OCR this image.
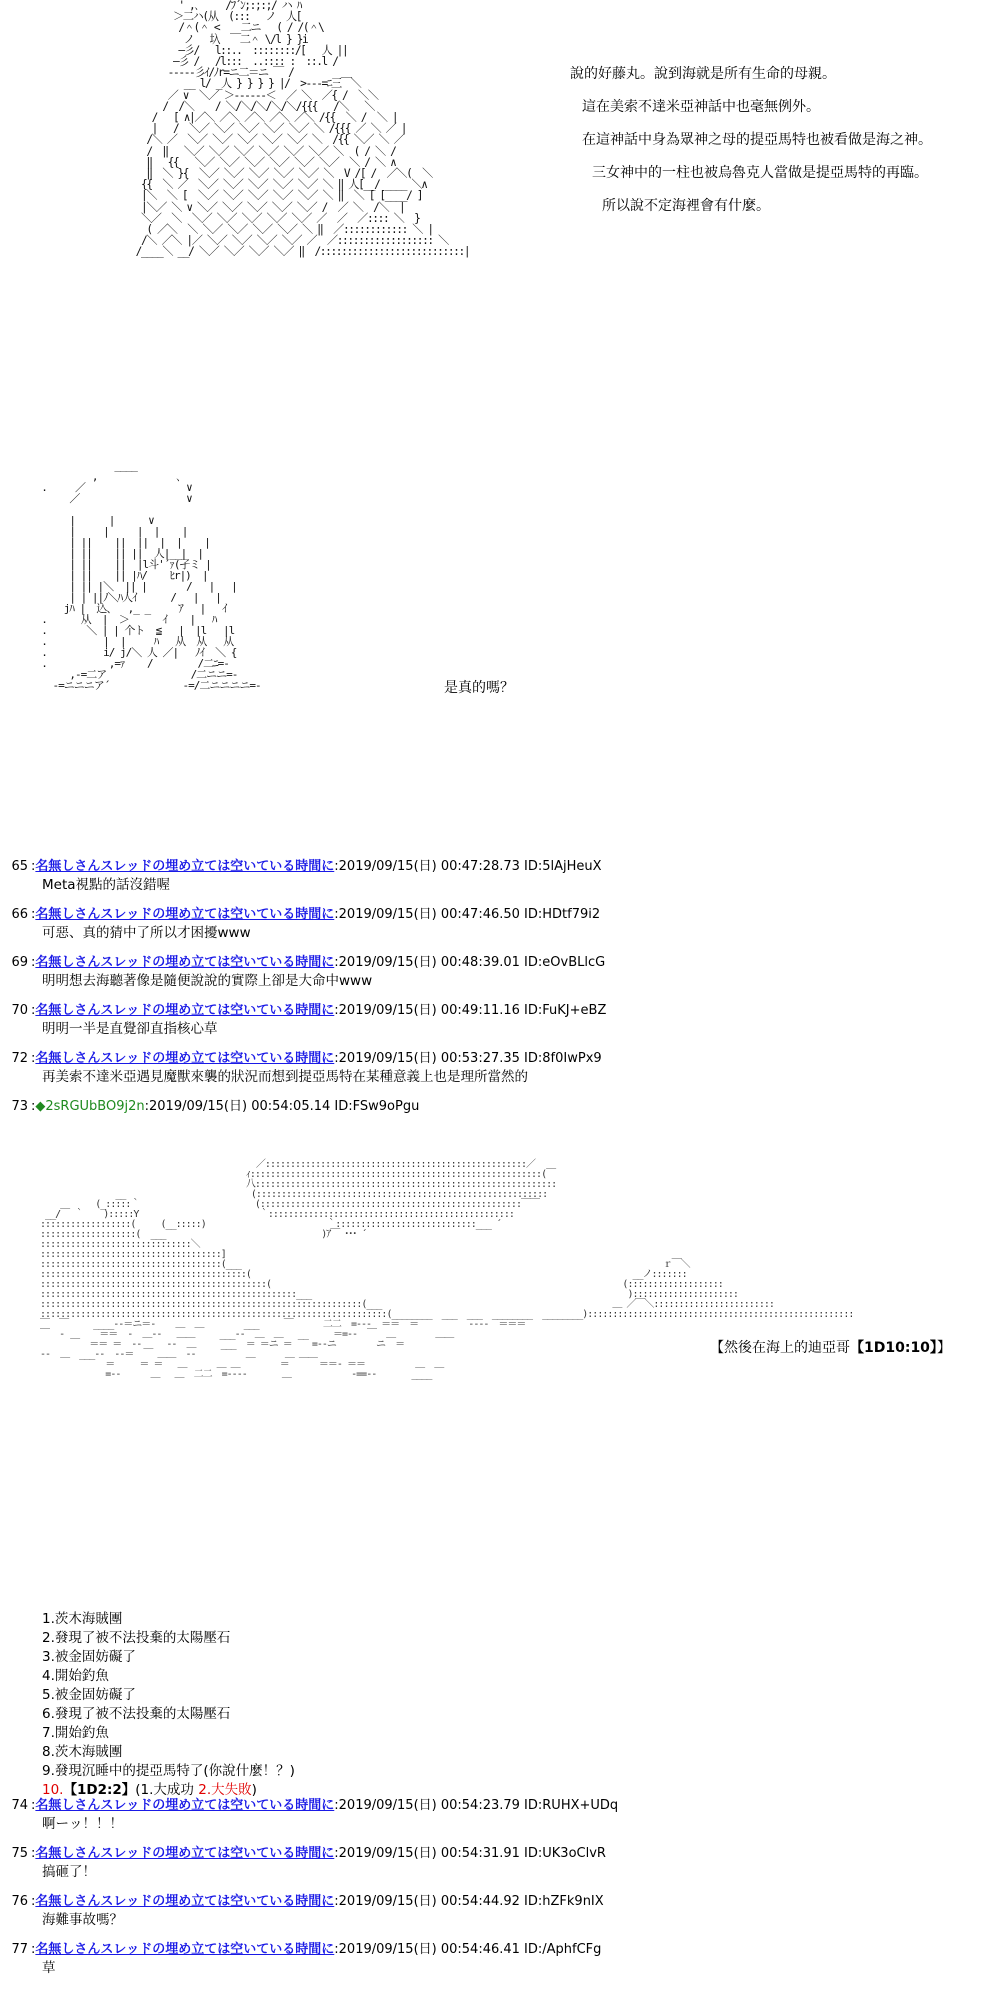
' ,､     /ﾌ´ﾝ;:;:;/ ハ ﾊ
＞二ハ(从  (:::   ノ  人[
/＾(＾ <    二ニ   ( / /(＾\
ノ   圦  ￣二＾ \/l } }i
―彡/   l::..  ::::::::/[   人 ||
―彡 /   /l:::  ..:::: :  ::.l /
-----彡ｲ/ﾉr=ニ二＝ニ ￣ /
__ l/ _人 } } } } |/  >---=ﾆ三￣＼
／ ∨  ＼／ ＞------＜  ／ ＼  ／{ /  ＼＼
/  /＼    / ＼/＼/＼/＼/＼/{{{   /＼   ＼
/   [ ∧|／＼ ／＼ ／＼ ／＼ ／＼ /{{  ＼ /  ＼ |
|   /  ＼／ ＼／ ＼／ ＼／ ＼／ ＼ /{{{ ／ ＼ ／ |
/＼ ／  ＼／ ＼／ ＼／ ＼／ ＼／ ＼  /{{ ＼／ ＼ ／
/  ‖   ＼／ ＼／ ＼／ ＼／ ＼／ ＼／ ＼  ( / ＼ /
‖   {{   ＼／ ＼／ ＼／ ＼／ ＼／ ＼／  ＼ / ＼ ∧
‖  ＼ }{  ＼／ ＼／ ＼／ ＼／ ＼／ ＼  V /[ /  ／＼(  ＼
{{  ＼ ／  ＼／ ＼／ ＼／ ＼／ ＼／ ＼ ‖ 人[__/ ____ ＼∧
|＼  ＼ [  ＼／ ＼／ ＼／ ＼／ ＼／ ＼ ‖  ＼ [ [____/ ]
|＼／ ＼ ∨ ＼／ ＼／ ＼／ ＼／ ＼／ /  ／ ＼  /＼  |
＼／  ＼  ＼／ ＼／ ＼／ ＼／ ＼／ ／  ／  ／:::: ＼  }
( ／＼  ＼ ＼／ ＼／ ＼／ ＼／ ＼ ‖  ／:::::::::::: ＼ |
/＼ ／＼ |／ ＼／ ＼／ ＼／ ＼／ ／  ／:::::::::::::::::: ＼
/____＼ __/ ＼／ ＼／ ＼／ ＼／ ‖  /:::::::::::::::::::::::::::|

說的好藤丸。說到海就是所有生命的母親。
這在美索不達米亞神話中也毫無例外。
在這神話中身為眾神之母的提亞馬特也被看做是海之神。
三女神中的一柱也被烏魯克人當做是提亞馬特的再臨。
所以說不定海裡會有什麼。
____
,              ､
.     ／                  ∨
／                   ∨

|      |      ∨
|     |     |  |    |
| ||    ||  ||  |  |    |
| ||    || ||  人|__|  |
| ||    ||  |l斗'´ｧ(孑ミ |
| ||    || |ﾊ/    ﾋr|)  |
| || |＼  || |       /   |   |
| | ||ﾉ＼ﾊ人ｲ      /   |   |
jﾊ |  込、  ,_ _     ｱ   |   ｲ
.      从  |  ＞      ｲ    |   ﾊ
.       ＼ | | 个ト  ≦   |  |l   |l
.          |  |     ﾊ   从  从   从
.          i/ j/＼ 人 ／|   ﾉｲ  ＼ {
.           ,=ｧ    /        /二ﾆ=-
,-=二ア               /二ニニ=-
-=ニニニア´             -=/二ニニニニ=-	是真的嗎？
65 :名無しさんスレッドの埋め立ては空いている時間に:2019/09/15(日) 00:47:28.73 ID:5lAjHeuX
Meta視點的話沒錯喔
66 :名無しさんスレッドの埋め立ては空いている時間に:2019/09/15(日) 00:47:46.50 ID:HDtf79i2
可惡、真的猜中了所以才困擾www
69 :名無しさんスレッドの埋め立ては空いている時間に:2019/09/15(日) 00:48:39.01 ID:eOvBLlcG
明明想去海聽著像是隨便說說的實際上卻是大命中www
70 :名無しさんスレッドの埋め立ては空いている時間に:2019/09/15(日) 00:49:11.16 ID:FuKJ+eBZ
明明一半是直覺卻直指核心草
72 :名無しさんスレッドの埋め立ては空いている時間に:2019/09/15(日) 00:53:27.35 ID:8f0IwPx9
再美索不達米亞遇見魔獸來襲的狀況而想到提亞馬特在某種意義上也是理所當然的
73 :◆2sRGUbBO9j2n:2019/09/15(日) 00:54:05.14 ID:FSw9oPgu
／::::::::::::::::::::::::::::::::::::::::::::::::::::／
ｨ::::::::::::::::::::::::::::::::::::::::::::::::::::::::::(￣
八::::::::::::::::::::::::::::::::::::::::::::::::::::::::::::
__                         (::::::::::::::::::::::::::::::::::::::::::::::::::::::::::
(_:::::｀                       (::::::::::::::::::::::::::::::::::::::::::::::::::::￣￣
__/￣ ｀    ):::::Y                        ｀:::::::::::::::::::::::::::::::::::::::::::::::::
::::::::::::::::::(     (__:::::)                        ｀::::::::::::::::::::::::::::___ ´
:::::::::::::::::::(  ___                               )ｱ￣ ･･･ ´
::::::::::::::::::::::::::::::＼
::::::::::::::::::::::::::::::::::::]
::::::::::::::::::::::::::::::::::::(___                                                                                    ｒ￣＼
:::::::::::::::::::::::::::::::::::::::::(                                                                            __ノ:::::::
:::::::::::::::::::::::::::::::::::::::::::::(                                                                      (:::::::::::::::::::
:::::::::::::::::::::::::::::::::::::::::::::::::::___                                                               ):::::::::::::::::::::
::::::::::::::::::::::::::::::::::::::::::::::::::::::::::::::::(___                                              ＿ ／￣＼::::::::::::::::::::::::
:::::::::::::::::::::::::::::::::::::::::::::::::::::::::::::::::::::(________  ___  ___  ________  ________):::::::::::::::::::::::::::::::::::::::::::::::::::::
￣  ￣     ____--＝ニ＝-    ＿  ＿        ___     ￣      二二  =---  ＝＝  ＝          ----  ＝＝＝
￣  -       ＝＝  -  ＿--   ＿＿     ___--  ＿  ＿   __     ＝=--  ￣  ＿        ＿＿
￣  ＝＝ ＝  --     --  ＿     ___  ＝ ＝ニ ＝    =--ニ        ニ  ＝
--  ＿  ___--  --＝  ￣ ＿＿  --          ＿      ＿ ＿＿
＝     ＝ ＝   ＿      ＿ ＿        ＝      ＝＝- ＝＝          ＿  ＿
=--      ＿   ＿  二二  =----       ＿            -==--       ____

【然後在海上的迪亞哥【1D10:10】】
1.茨木海賊團
2.發現了被不法投棄的太陽壓石
3.被金固妨礙了
4.開始釣魚
5.被金固妨礙了
6.發現了被不法投棄的太陽壓石
7.開始釣魚
8.茨木海賊團
9.發現沉睡中的提亞馬特了(你說什麼！？)
10.【1D2:2】(1.大成功 2.大失敗)
74 :名無しさんスレッドの埋め立ては空いている時間に:2019/09/15(日) 00:54:23.79 ID:RUHX+UDq
啊ーッ！！！
75 :名無しさんスレッドの埋め立ては空いている時間に:2019/09/15(日) 00:54:31.91 ID:UK3oClvR
搞砸了！
76 :名無しさんスレッドの埋め立ては空いている時間に:2019/09/15(日) 00:54:44.92 ID:hZFk9nIX
海難事故嗎？
77 :名無しさんスレッドの埋め立ては空いている時間に:2019/09/15(日) 00:54:46.41 ID:/AphfCFg
草
